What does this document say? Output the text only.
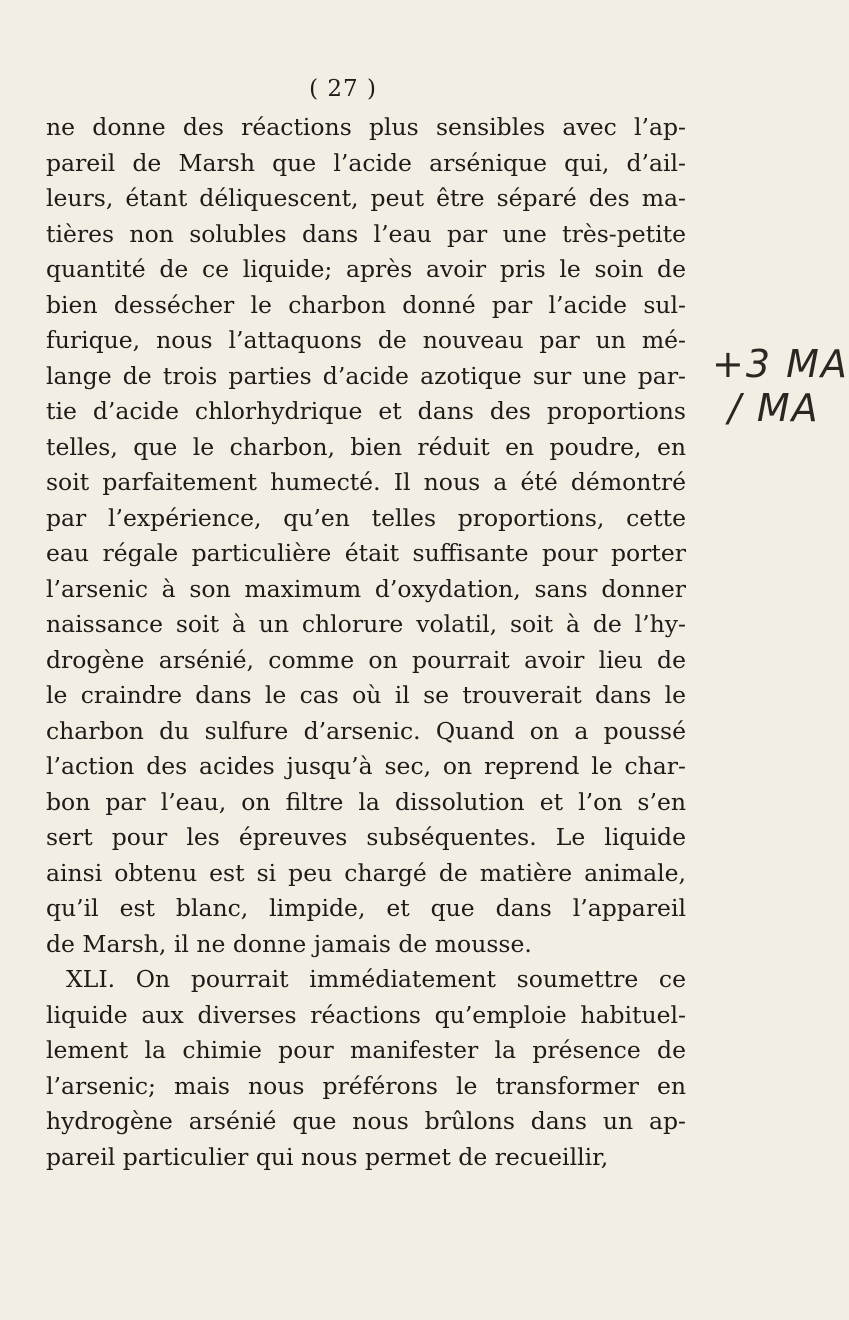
( 27 )
ne donne des réactions plus sensibles avec l’ap-
pareil de Marsh que l’acide arsénique qui, d’ail-
leurs, étant déliquescent, peut être séparé des ma-
tières non solubles dans l’eau par une très-petite
quantité de ce liquide; après avoir pris le soin de
bien dessécher le charbon donné par l’acide sul-
furique, nous l’attaquons de nouveau par un mé-
lange de trois parties d’acide azotique sur une par-
tie d’acide chlorhydrique et dans des proportions
telles, que le charbon, bien réduit en poudre, en
soit parfaitement humecté. Il nous a été démontré
par l’expérience, qu’en telles proportions, cette
eau régale particulière était suffisante pour porter
l’arsenic à son maximum d’oxydation, sans donner
naissance soit à un chlorure volatil, soit à de l’hy-
drogène arsénié, comme on pourrait avoir lieu de
le craindre dans le cas où il se trouverait dans le
charbon du sulfure d’arsenic. Quand on a poussé
l’action des acides jusqu’à sec, on reprend le char-
bon par l’eau, on filtre la dissolution et l’on s’en
sert pour les épreuves subséquentes. Le liquide
ainsi obtenu est si peu chargé de matière animale,
qu’il est blanc, limpide, et que dans l’appareil
de Marsh, il ne donne jamais de mousse.
XLI. On pourrait immédiatement soumettre ce
liquide aux diverses réactions qu’emploie habituel-
lement la chimie pour manifester la présence de
l’arsenic; mais nous préférons le transformer en
hydrogène arsénié que nous brûlons dans un ap-
pareil particulier qui nous permet de recueillir,
+3 MA
/ MA
